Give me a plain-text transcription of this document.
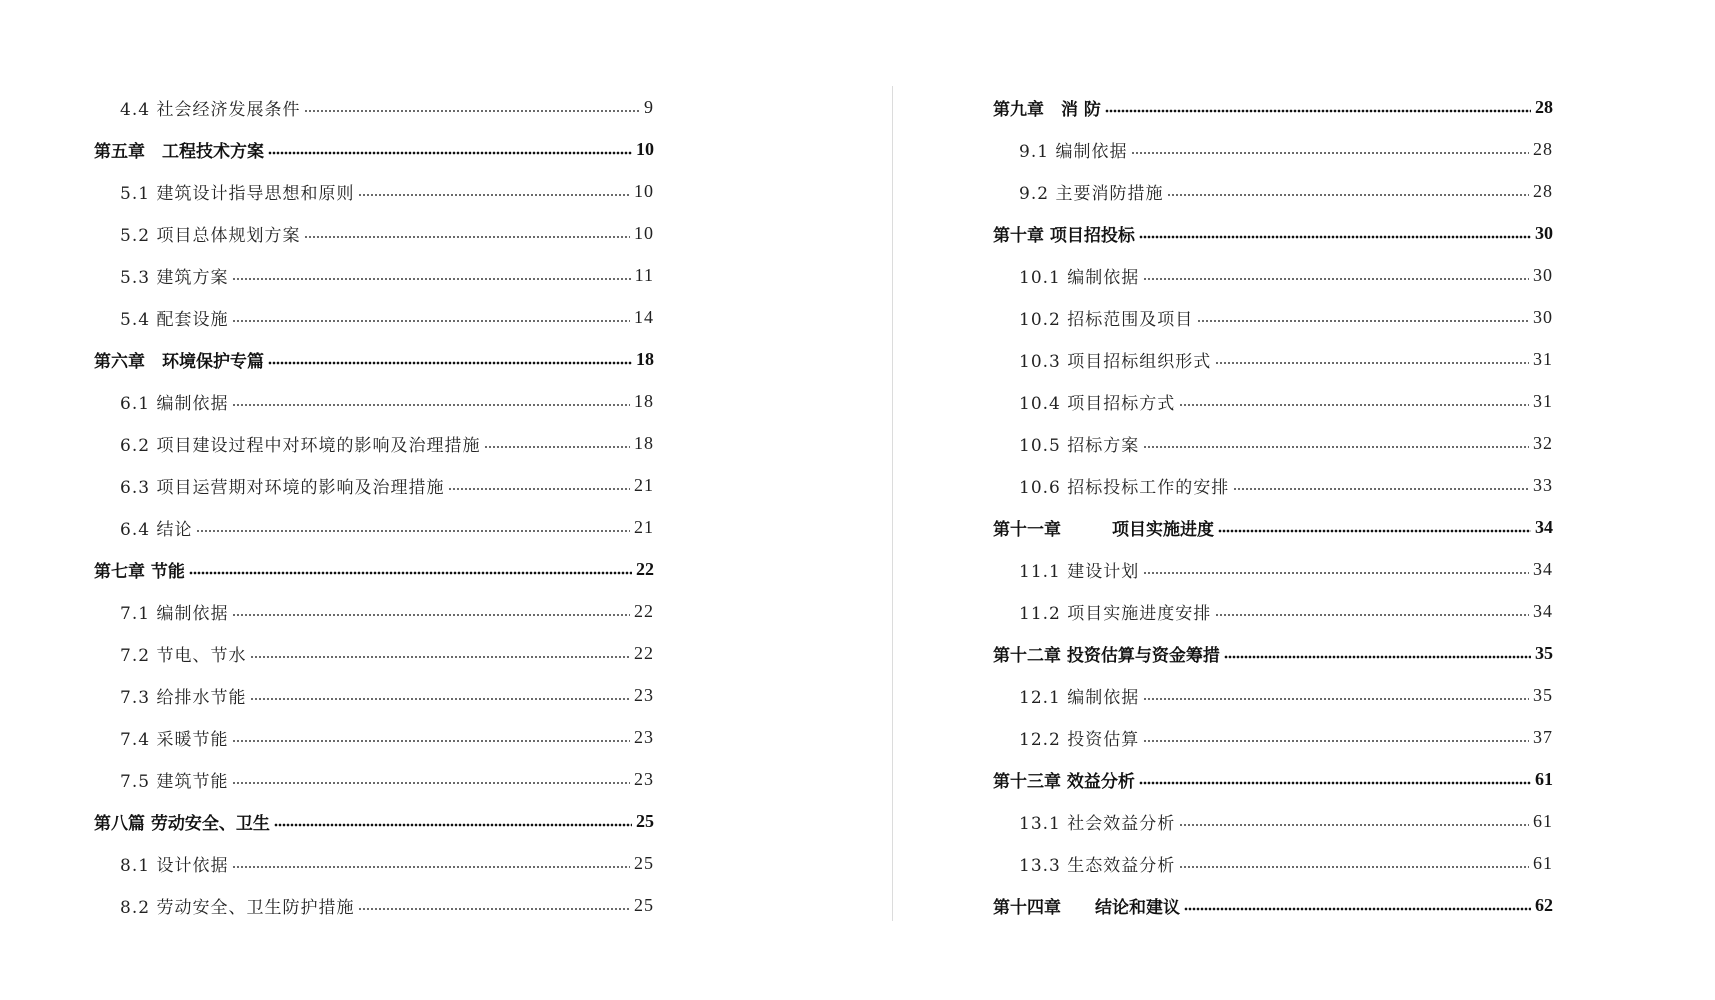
4.4 社会经济发展条件	9
第五章　工程技术方案	10
5.1 建筑设计指导思想和原则	10
5.2 项目总体规划方案	10
5.3 建筑方案	11
5.4 配套设施	14
第六章　环境保护专篇	18
6.1 编制依据	18
6.2 项目建设过程中对环境的影响及治理措施	18
6.3 项目运营期对环境的影响及治理措施	21
6.4 结论	21
第七章 节能	22
7.1 编制依据	22
7.2 节电、节水	22
7.3 给排水节能	23
7.4 采暖节能	23
7.5 建筑节能	23
第八篇 劳动安全、卫生	25
8.1 设计依据	25
8.2 劳动安全、卫生防护措施	25
第九章　消 防	28
9.1 编制依据	28
9.2 主要消防措施	28
第十章 项目招投标	30
10.1 编制依据	30
10.2 招标范围及项目	30
10.3 项目招标组织形式	31
10.4 项目招标方式	31
10.5 招标方案	32
10.6 招标投标工作的安排	33
第十一章　　　项目实施进度	34
11.1 建设计划	34
11.2 项目实施进度安排	34
第十二章 投资估算与资金筹措	35
12.1 编制依据	35
12.2 投资估算	37
第十三章 效益分析	61
13.1 社会效益分析	61
13.3 生态效益分析	61
第十四章　　结论和建议	62
